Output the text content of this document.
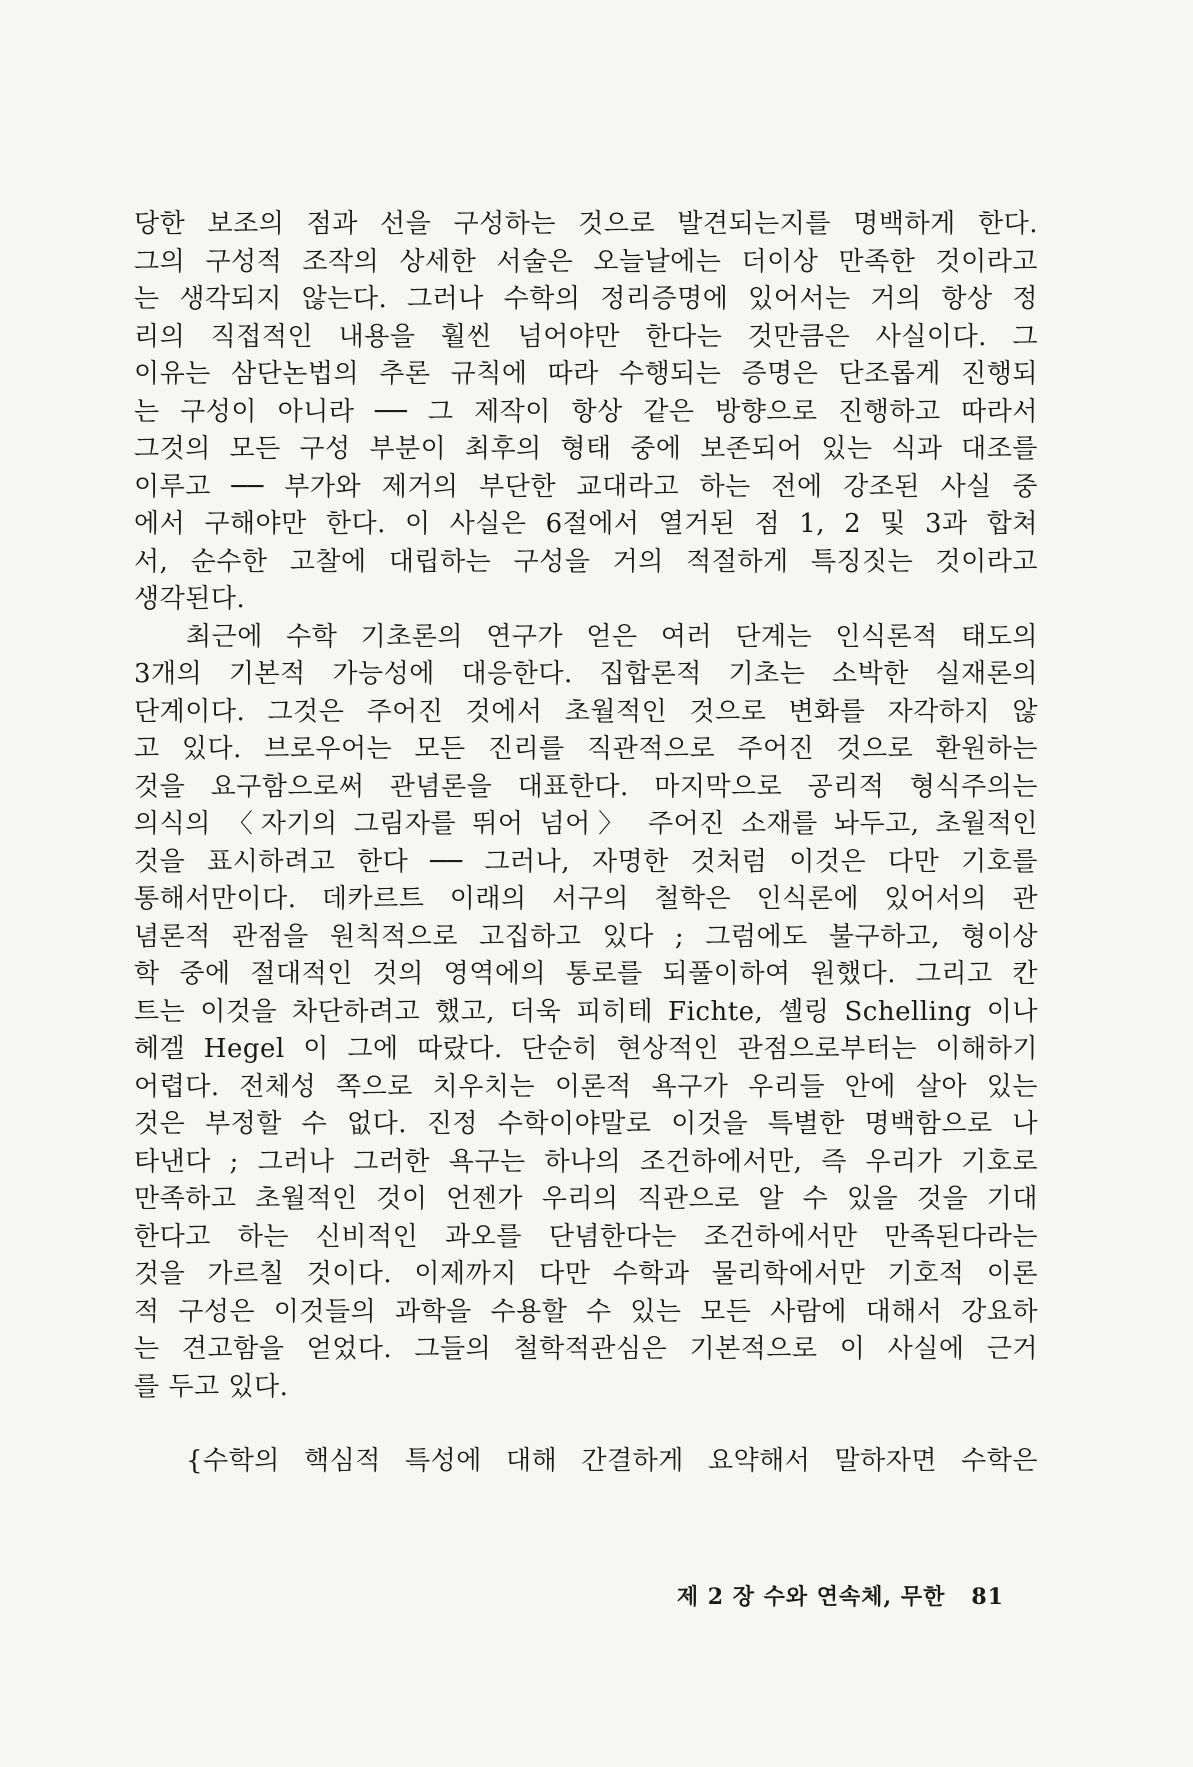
당한 보조의 점과 선을 구성하는 것으로 발견되는지를 명백하게 한다.
그의 구성적 조작의 상세한 서술은 오늘날에는 더이상 만족한 것이라고
는 생각되지 않는다. 그러나 수학의 정리증명에 있어서는 거의 항상 정
리의 직접적인 내용을 훨씬 넘어야만 한다는 것만큼은 사실이다. 그
이유는 삼단논법의 추론 규칙에 따라 수행되는 증명은 단조롭게 진행되
는 구성이 아니라 ── 그 제작이 항상 같은 방향으로 진행하고 따라서
그것의 모든 구성 부분이 최후의 형태 중에 보존되어 있는 식과 대조를
이루고 ── 부가와 제거의 부단한 교대라고 하는 전에 강조된 사실 중
에서 구해야만 한다. 이 사실은 6절에서 열거된 점 1, 2 및 3과 합쳐
서, 순수한 고찰에 대립하는 구성을 거의 적절하게 특징짓는 것이라고
생각된다.
최근에 수학 기초론의 연구가 얻은 여러 단계는 인식론적 태도의
3개의 기본적 가능성에 대응한다. 집합론적 기초는 소박한 실재론의
단계이다. 그것은 주어진 것에서 초월적인 것으로 변화를 자각하지 않
고 있다. 브로우어는 모든 진리를 직관적으로 주어진 것으로 환원하는
것을 요구함으로써 관념론을 대표한다. 마지막으로 공리적 형식주의는
의식의 〈자기의 그림자를 뛰어 넘어〉 주어진 소재를 놔두고, 초월적인
것을 표시하려고 한다 ── 그러나, 자명한 것처럼 이것은 다만 기호를
통해서만이다. 데카르트 이래의 서구의 철학은 인식론에 있어서의 관
념론적 관점을 원칙적으로 고집하고 있다 ; 그럼에도 불구하고, 형이상
학 중에 절대적인 것의 영역에의 통로를 되풀이하여 원했다. 그리고 칸
트는 이것을 차단하려고 했고, 더욱 피히테 Fichte, 셸링 Schelling 이나
헤겔 Hegel 이 그에 따랐다. 단순히 현상적인 관점으로부터는 이해하기
어렵다. 전체성 쪽으로 치우치는 이론적 욕구가 우리들 안에 살아 있는
것은 부정할 수 없다. 진정 수학이야말로 이것을 특별한 명백함으로 나
타낸다 ; 그러나 그러한 욕구는 하나의 조건하에서만, 즉 우리가 기호로
만족하고 초월적인 것이 언젠가 우리의 직관으로 알 수 있을 것을 기대
한다고 하는 신비적인 과오를 단념한다는 조건하에서만 만족된다라는
것을 가르칠 것이다. 이제까지 다만 수학과 물리학에서만 기호적 이론
적 구성은 이것들의 과학을 수용할 수 있는 모든 사람에 대해서 강요하
는 견고함을 얻었다. 그들의 철학적관심은 기본적으로 이 사실에 근거
를 두고 있다.
{수학의 핵심적 특성에 대해 간결하게 요약해서 말하자면 수학은
제 2 장 수와 연속체, 무한 81
